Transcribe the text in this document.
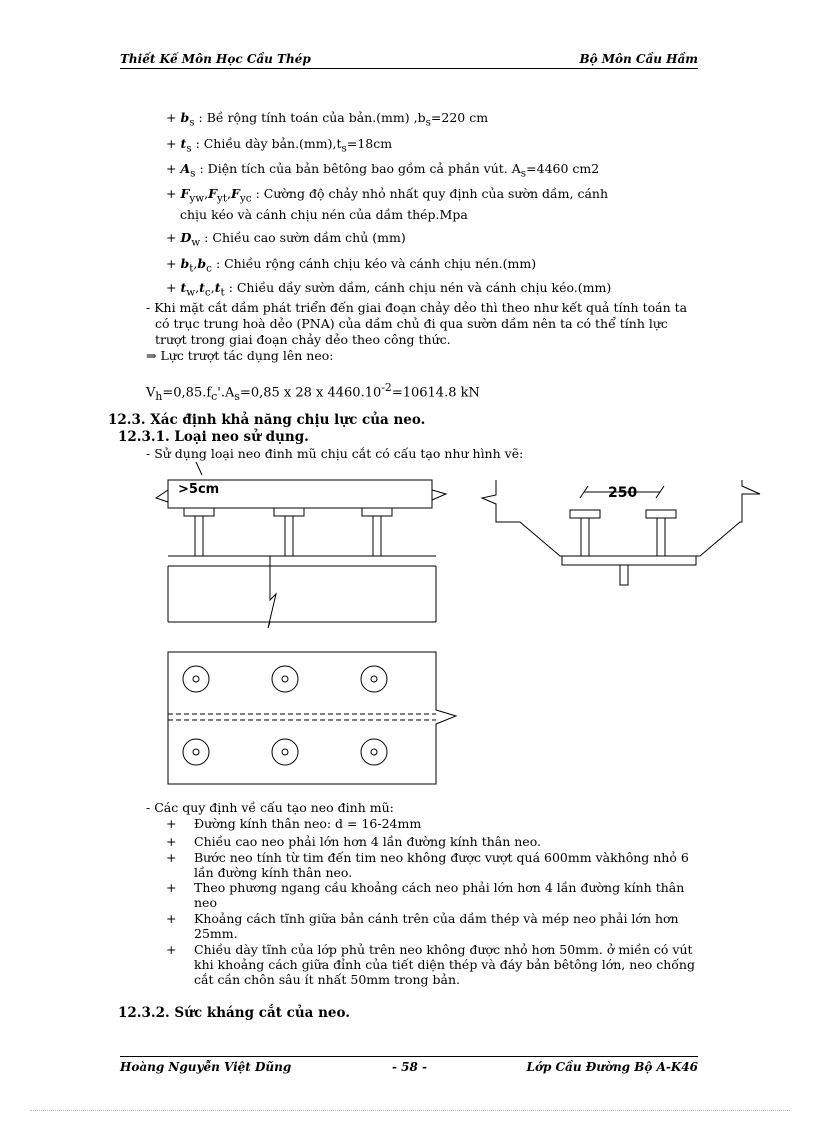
Thiết Kế Môn Học Cầu Thép	Bộ Môn Cầu Hầm
+ $b_s$ : Bề rộng tính toán của bản.(mm) $,b_s=220$ cm
+ $t_s$ : Chiều dày $bản.(mm),t_s=18cm$
+ $A_s$ : Diện tích của bản bêtông bao gồm cả phần vút. $A_s=4460$ cm2
+ $F_{yw},F_{yt},F_{yc}$ : Cường độ chảy nhỏ nhất quy định của sườn dầm, cánh
chịu kéo và cánh chịu nén của dầm thép.Mpa
+ $D_w$ : Chiều cao sườn dầm chủ (mm)
+ $b_t,b_c$ : Chiều rộng cánh chịu kéo và cánh chịu nén.(mm)
+ $t_w,t_c,t_t$ : Chiều dầy sườn dầm, cánh chịu nén và cánh chịu kéo.(mm)
- Khi mặt cắt dầm phát triển đến giai đoạn chảy dẻo thì theo như kết quả tính toán ta
có trục trung hoà dẻo (PNA) của dầm chủ đi qua sườn dầm nên ta có thể tính lực
trượt trong giai đoạn chảy dẻo theo công thức.
⇒ Lực trượt tác dụng lên neo:
$V_h=0,85.f_c'.A_s=0,85$ x 28 x $4460.10^{-2}=10614.8$ kN
12.3. Xác định khả năng chịu lực của neo.
12.3.1. Loại neo sử dụng.
- Sử dụng loại neo đinh mũ chịu cắt có cấu tạo như hình vẽ:
>5cm	250
- Các quy định về cấu tạo neo đinh mũ:
+ Đường kính thân neo: d = 16-24mm
+ Chiều cao neo phải lớn hơn 4 lần đường kính thân neo.
+ Bước neo tính từ tim đến tim neo không được vượt quá 600mm vàkhông nhỏ 6
lần đường kính thân neo.
+ Theo phương ngang cầu khoảng cách neo phải lớn hơn 4 lần đường kính thân
neo
+ Khoảng cách tĩnh giữa bản cánh trên của dầm thép và mép neo phải lớn hơn
25mm.
+ Chiều dày tĩnh của lớp phủ trên neo không được nhỏ hơn 50mm. ở miền có vút
khi khoảng cách giữa đỉnh của tiết diện thép và đáy bản bêtông lớn, neo chống
cắt cần chôn sâu ít nhất 50mm trong bản.
12.3.2. Sức kháng cắt của neo.
Hoàng Nguyễn Việt Dũng	- 58 -	Lớp Cầu Đường Bộ A-K46
